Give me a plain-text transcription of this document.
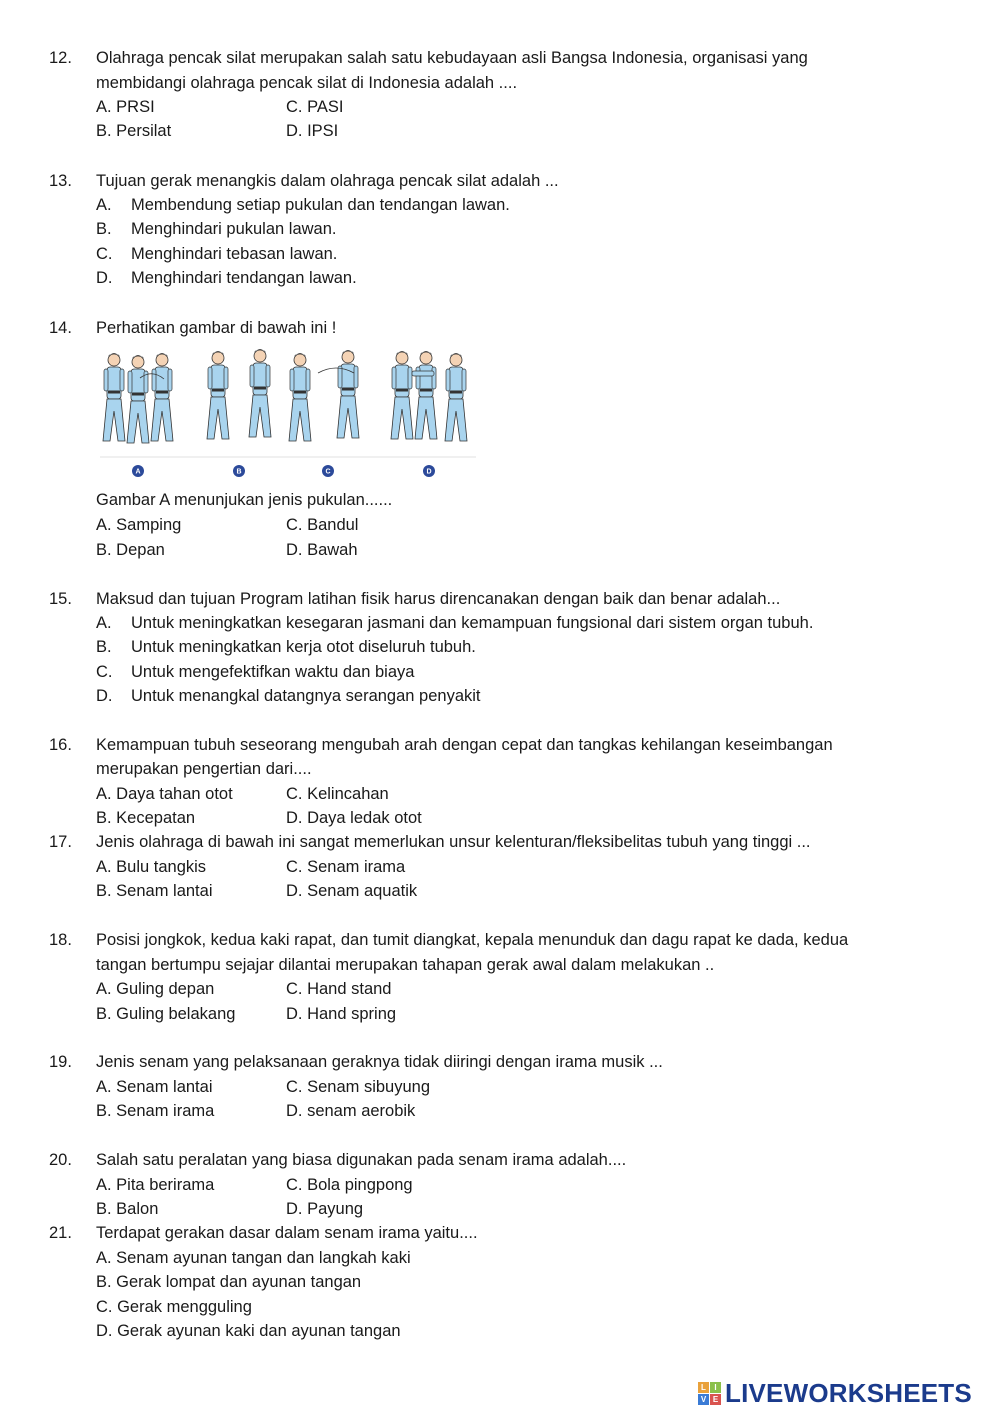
12. Olahraga pencak silat merupakan salah satu kebudayaan asli Bangsa Indonesia, organisasi yang
membidangi olahraga pencak silat di Indonesia adalah ....
A. PRSI	C. PASI
B. Persilat	D. IPSI
13. Tujuan gerak menangkis dalam olahraga pencak silat adalah ...
A. Membendung setiap pukulan dan tendangan lawan.
B. Menghindari pukulan lawan.
C. Menghindari tebasan lawan.
D. Menghindari tendangan lawan.
14. Perhatikan gambar di bawah ini !
A	B	C	D
Gambar A menunjukan jenis pukulan......
A. Samping	C. Bandul
B. Depan	D. Bawah
15. Maksud dan tujuan Program latihan fisik harus direncanakan dengan baik dan benar adalah...
A. Untuk meningkatkan kesegaran jasmani dan kemampuan fungsional dari sistem organ tubuh.
B. Untuk meningkatkan kerja otot diseluruh tubuh.
C. Untuk mengefektifkan waktu dan biaya
D. Untuk menangkal datangnya serangan penyakit
16. Kemampuan tubuh seseorang mengubah arah dengan cepat dan tangkas kehilangan keseimbangan
merupakan pengertian dari....
A. Daya tahan otot	C. Kelincahan
B. Kecepatan	D. Daya ledak otot
17. Jenis olahraga di bawah ini sangat memerlukan unsur kelenturan/fleksibelitas tubuh yang tinggi ...
A. Bulu tangkis	C. Senam irama
B. Senam lantai	D. Senam aquatik
18. Posisi jongkok, kedua kaki rapat, dan tumit diangkat, kepala menunduk dan dagu rapat ke dada, kedua
tangan bertumpu sejajar dilantai merupakan tahapan gerak awal dalam melakukan ..
A. Guling depan	C. Hand stand
B. Guling belakang	D. Hand spring
19. Jenis senam yang pelaksanaan geraknya tidak diiringi dengan irama musik ...
A. Senam lantai	C. Senam sibuyung
B. Senam irama	D. senam aerobik
20. Salah satu peralatan yang biasa digunakan pada senam irama adalah....
A. Pita berirama	C. Bola pingpong
B. Balon	D. Payung
21. Terdapat gerakan dasar dalam senam irama yaitu....
A. Senam ayunan tangan dan langkah kaki
B. Gerak lompat dan ayunan tangan
C. Gerak mengguling
D. Gerak ayunan kaki dan ayunan tangan
L	I
V E LIVEWORKSHEETS
